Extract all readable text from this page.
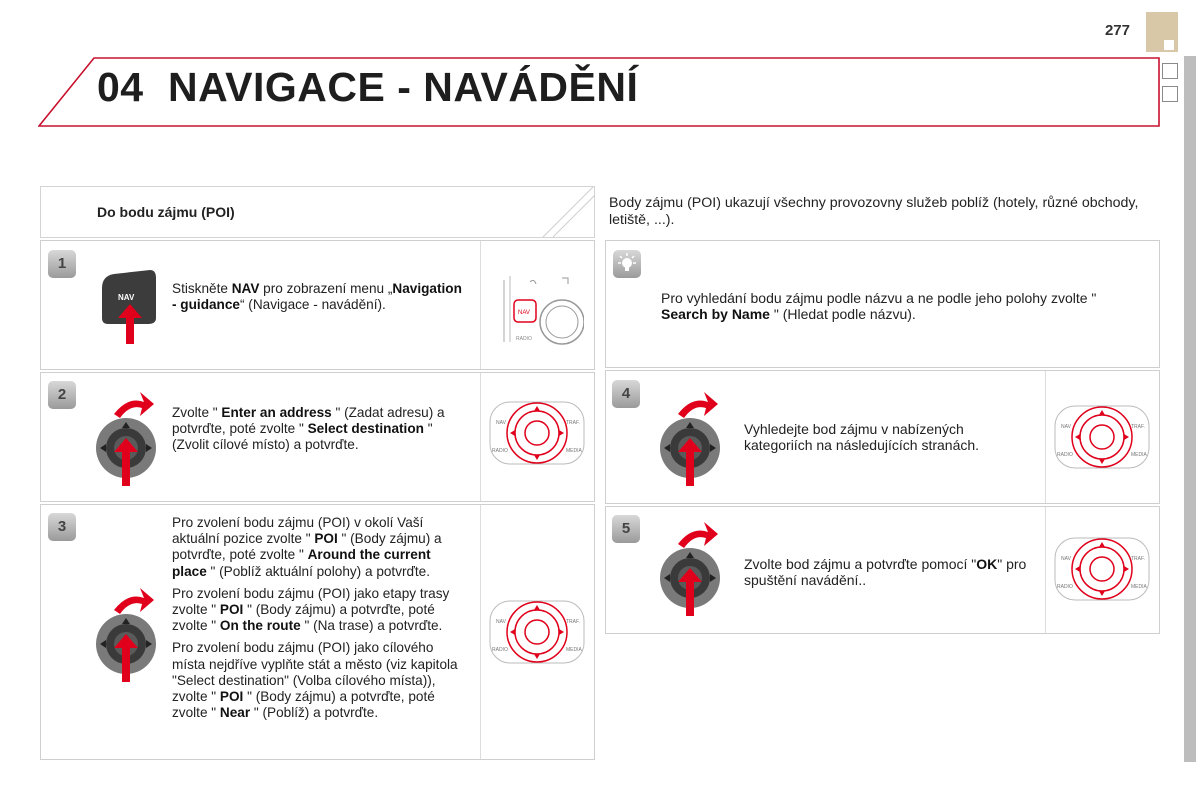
277
04 NAVIGACE - NAVÁDĚNÍ
Do bodu zájmu (POI)
Body zájmu (POI) ukazují všechny provozovny služeb poblíž (hotely, různé obchody, letiště, ...).
1
2
3
4
5
NAV
NAV
RADIO
Stiskněte NAV pro zobrazení menu „Navigation - guidance“ (Navigace - navádění).
NAV	TRAF.
RADIO	MEDIA
NAV	TRAF.
RADIO	MEDIA
NAV	TRAF.
RADIO	MEDIA
NAV	TRAF.
RADIO	MEDIA
Zvolte " Enter an address " (Zadat adresu) a potvrďte, poté zvolte " Select destination " (Zvolit cílové místo) a potvrďte.

Pro zvolení bodu zájmu (POI) v okolí Vaší aktuální pozice zvolte " POI " (Body zájmu) a potvrďte, poté zvolte " Around the current place " (Poblíž aktuální polohy) a potvrďte.

Pro zvolení bodu zájmu (POI) jako etapy trasy zvolte " POI " (Body zájmu) a potvrďte, poté zvolte " On the route " (Na trase) a potvrďte.

Pro zvolení bodu zájmu (POI) jako cílového místa nejdříve vyplňte stát a město (viz kapitola "Select destination" (Volba cílového místa)), zvolte " POI " (Body zájmu) a potvrďte, poté zvolte " Near " (Poblíž) a potvrďte.

Pro vyhledání bodu zájmu podle názvu a ne podle jeho polohy zvolte " Search by Name " (Hledat podle názvu).
Vyhledejte bod zájmu v nabízených kategoriích na následujících stranách.
Zvolte bod zájmu a potvrďte pomocí "OK" pro spuštění navádění..
